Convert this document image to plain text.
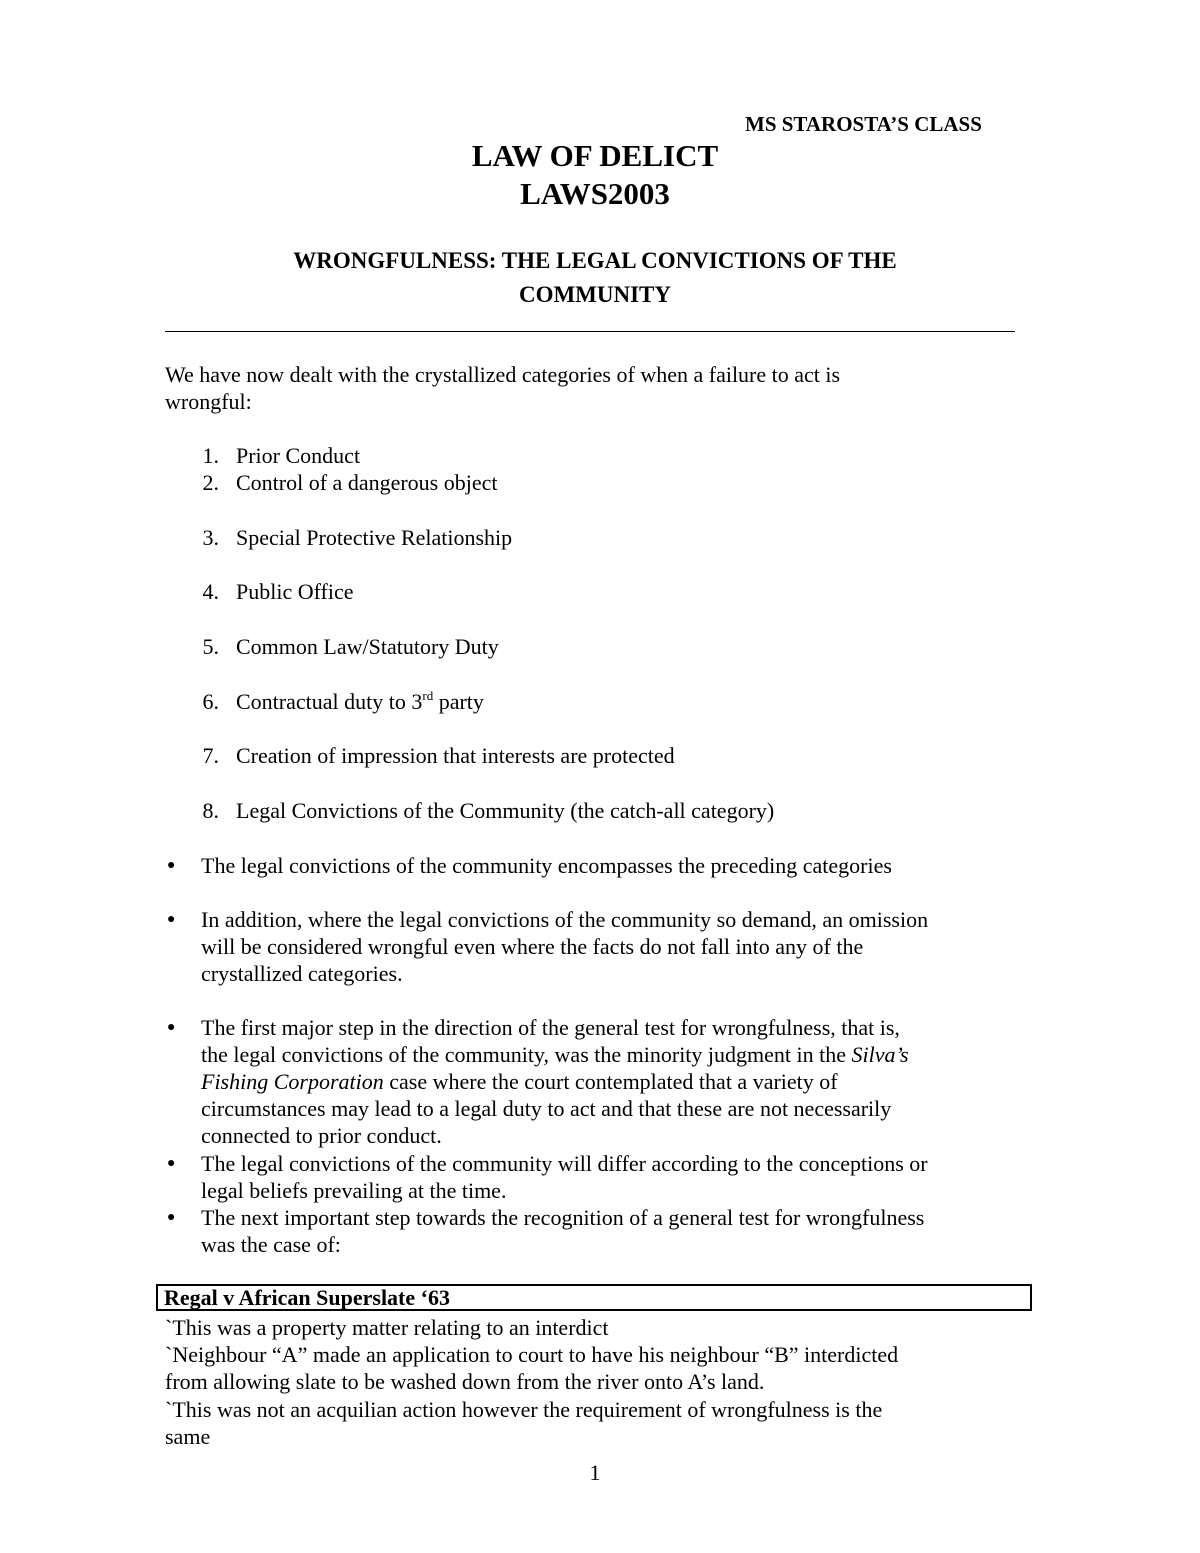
MS STAROSTA’S CLASS
LAW OF DELICT
LAWS2003
WRONGFULNESS: THE LEGAL CONVICTIONS OF THE
COMMUNITY
We have now dealt with the crystallized categories of when a failure to act is
wrongful:
1. Prior Conduct
2. Control of a dangerous object
3. Special Protective Relationship
4. Public Office
5. Common Law/Statutory Duty
6. Contractual duty to 3rd party
7. Creation of impression that interests are protected
8. Legal Convictions of the Community (the catch-all category)
● The legal convictions of the community encompasses the preceding categories
● In addition, where the legal convictions of the community so demand, an omission
will be considered wrongful even where the facts do not fall into any of the
crystallized categories.
● The first major step in the direction of the general test for wrongfulness, that is,
the legal convictions of the community, was the minority judgment in the Silva’s
Fishing Corporation case where the court contemplated that a variety of
circumstances may lead to a legal duty to act and that these are not necessarily
connected to prior conduct.
● The legal convictions of the community will differ according to the conceptions or
legal beliefs prevailing at the time.
● The next important step towards the recognition of a general test for wrongfulness
was the case of:
Regal v African Superslate ‘63
`This was a property matter relating to an interdict
`Neighbour “A” made an application to court to have his neighbour “B” interdicted
from allowing slate to be washed down from the river onto A’s land.
`This was not an acquilian action however the requirement of wrongfulness is the
same
1
